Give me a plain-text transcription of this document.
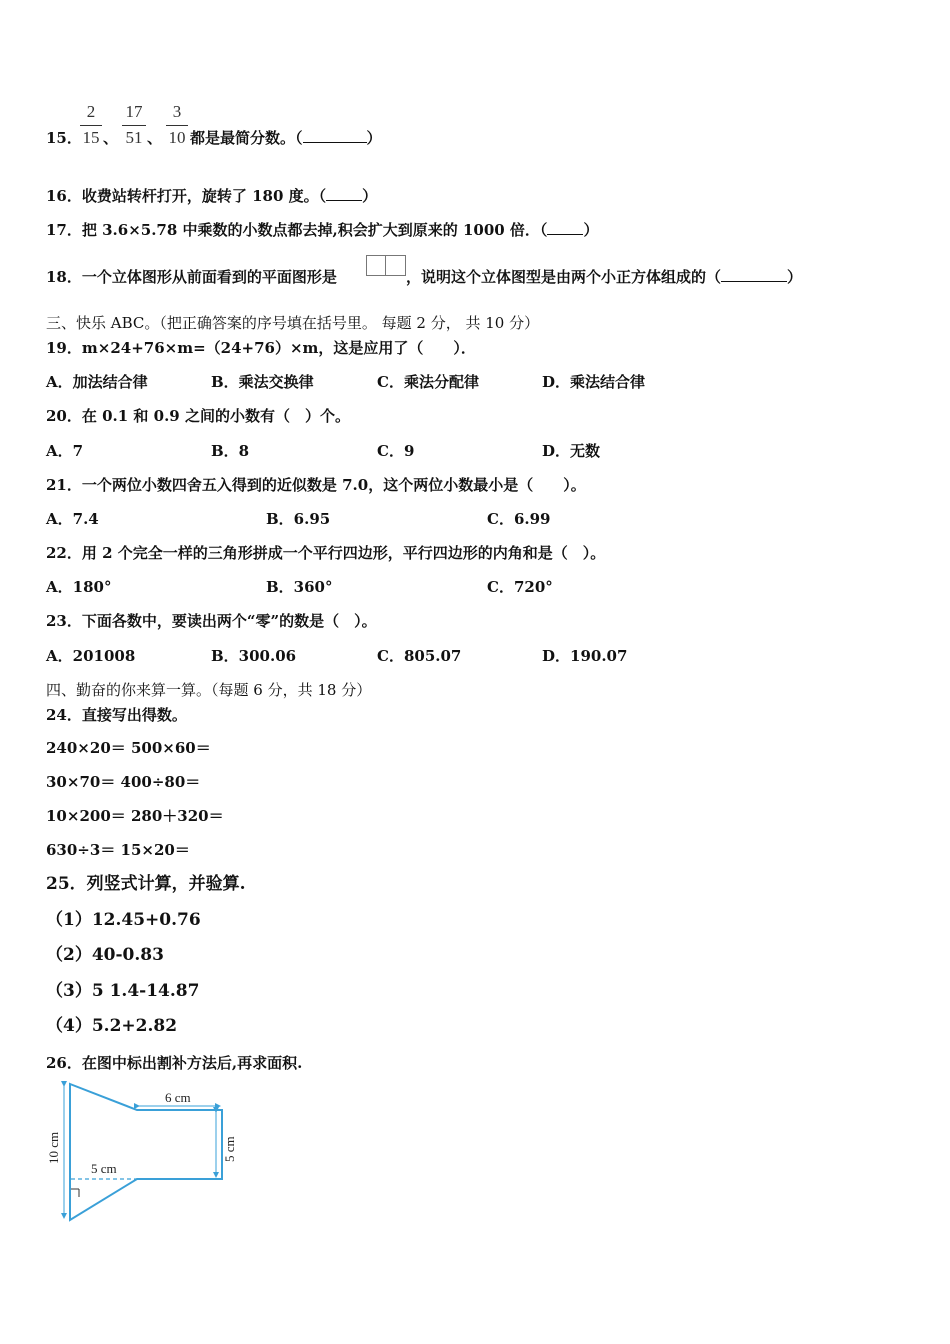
15．
2
15 、
17
51 、
3
10 都是最简分数。（	）
16．收费站转杆打开，旋转了 180 度。（ ）
17．把 3.6×5.78 中乘数的小数点都去掉,积会扩大到原来的 1000 倍．（ ）
18．一个立体图形从前面看到的平面图形是	，说明这个立体图型是由两个小正方体组成的（	）
三、快乐 ABC。（把正确答案的序号填在括号里。 每题 2 分， 共 10 分）
19．m×24+76×m=（24+76）×m，这是应用了（　　）．
A．加法结合律	B．乘法交换律	C．乘法分配律	D．乘法结合律
20．在 0.1 和 0.9 之间的小数有（　）个。
A．7	B．8	C．9	D．无数
21．一个两位小数四舍五入得到的近似数是 7.0，这个两位小数最小是（　　）。
A．7.4	B．6.95	C．6.99
22．用 2 个完全一样的三角形拼成一个平行四边形，平行四边形的内角和是（　）。
A．180°	B．360°	C．720°
23．下面各数中，要读出两个“零”的数是（　）。
A．201008	B．300.06	C．805.07	D．190.07
四、勤奋的你来算一算。（每题 6 分，共 18 分）
24．直接写出得数。
240×20＝ 500×60＝
30×70＝ 400÷80＝
10×200＝ 280＋320＝
630÷3＝ 15×20＝
25．列竖式计算，并验算.
（1）12.45+0.76
（2）40-0.83
（3）5 1.4-14.87
（4）5.2+2.82
26．在图中标出割补方法后,再求面积.
6 cm
5 cm
5 cm
10 cm
